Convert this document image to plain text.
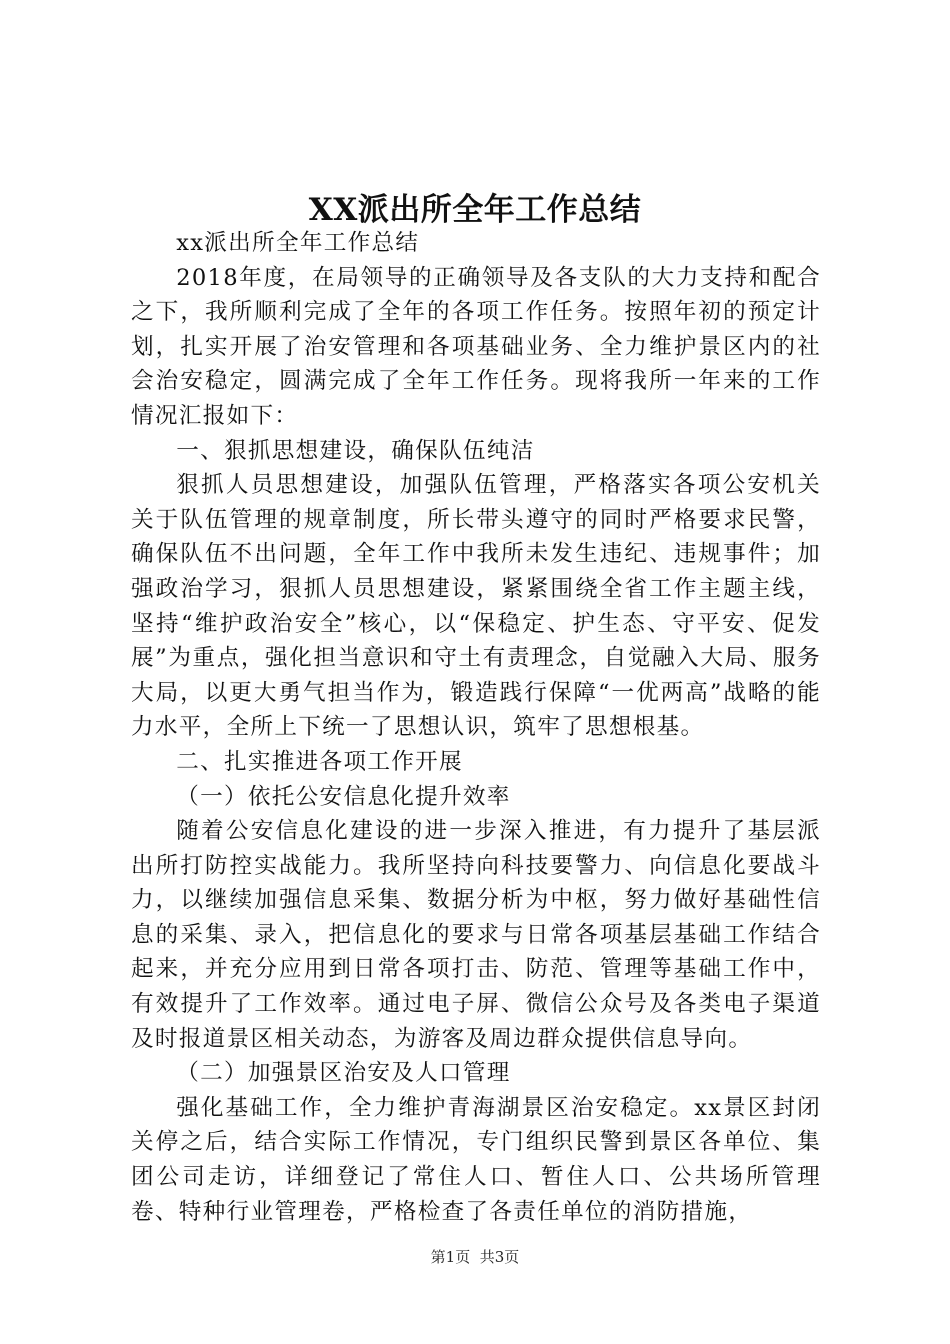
XX派出所全年工作总结

xx派出所全年工作总结

2018年度，在局领导的正确领导及各支队的大力支持和配合之下，我所顺利完成了全年的各项工作任务。按照年初的预定计划，扎实开展了治安管理和各项基础业务、全力维护景区内的社会治安稳定，圆满完成了全年工作任务。现将我所一年来的工作情况汇报如下：

一、狠抓思想建设，确保队伍纯洁

狠抓人员思想建设，加强队伍管理，严格落实各项公安机关关于队伍管理的规章制度，所长带头遵守的同时严格要求民警，确保队伍不出问题，全年工作中我所未发生违纪、违规事件；加强政治学习，狠抓人员思想建设，紧紧围绕全省工作主题主线，坚持“维护政治安全”核心，以“保稳定、护生态、守平安、促发展”为重点，强化担当意识和守土有责理念，自觉融入大局、服务大局，以更大勇气担当作为，锻造践行保障“一优两高”战略的能力水平，全所上下统一了思想认识，筑牢了思想根基。

二、扎实推进各项工作开展

（一）依托公安信息化提升效率

随着公安信息化建设的进一步深入推进，有力提升了基层派出所打防控实战能力。我所坚持向科技要警力、向信息化要战斗力，以继续加强信息采集、数据分析为中枢，努力做好基础性信息的采集、录入，把信息化的要求与日常各项基层基础工作结合起来，并充分应用到日常各项打击、防范、管理等基础工作中，有效提升了工作效率。通过电子屏、微信公众号及各类电子渠道及时报道景区相关动态，为游客及周边群众提供信息导向。

（二）加强景区治安及人口管理

强化基础工作，全力维护青海湖景区治安稳定。xx景区封闭关停之后，结合实际工作情况，专门组织民警到景区各单位、集团公司走访，详细登记了常住人口、暂住人口、公共场所管理卷、特种行业管理卷，严格检查了各责任单位的消防措施，

第1页 共3页
